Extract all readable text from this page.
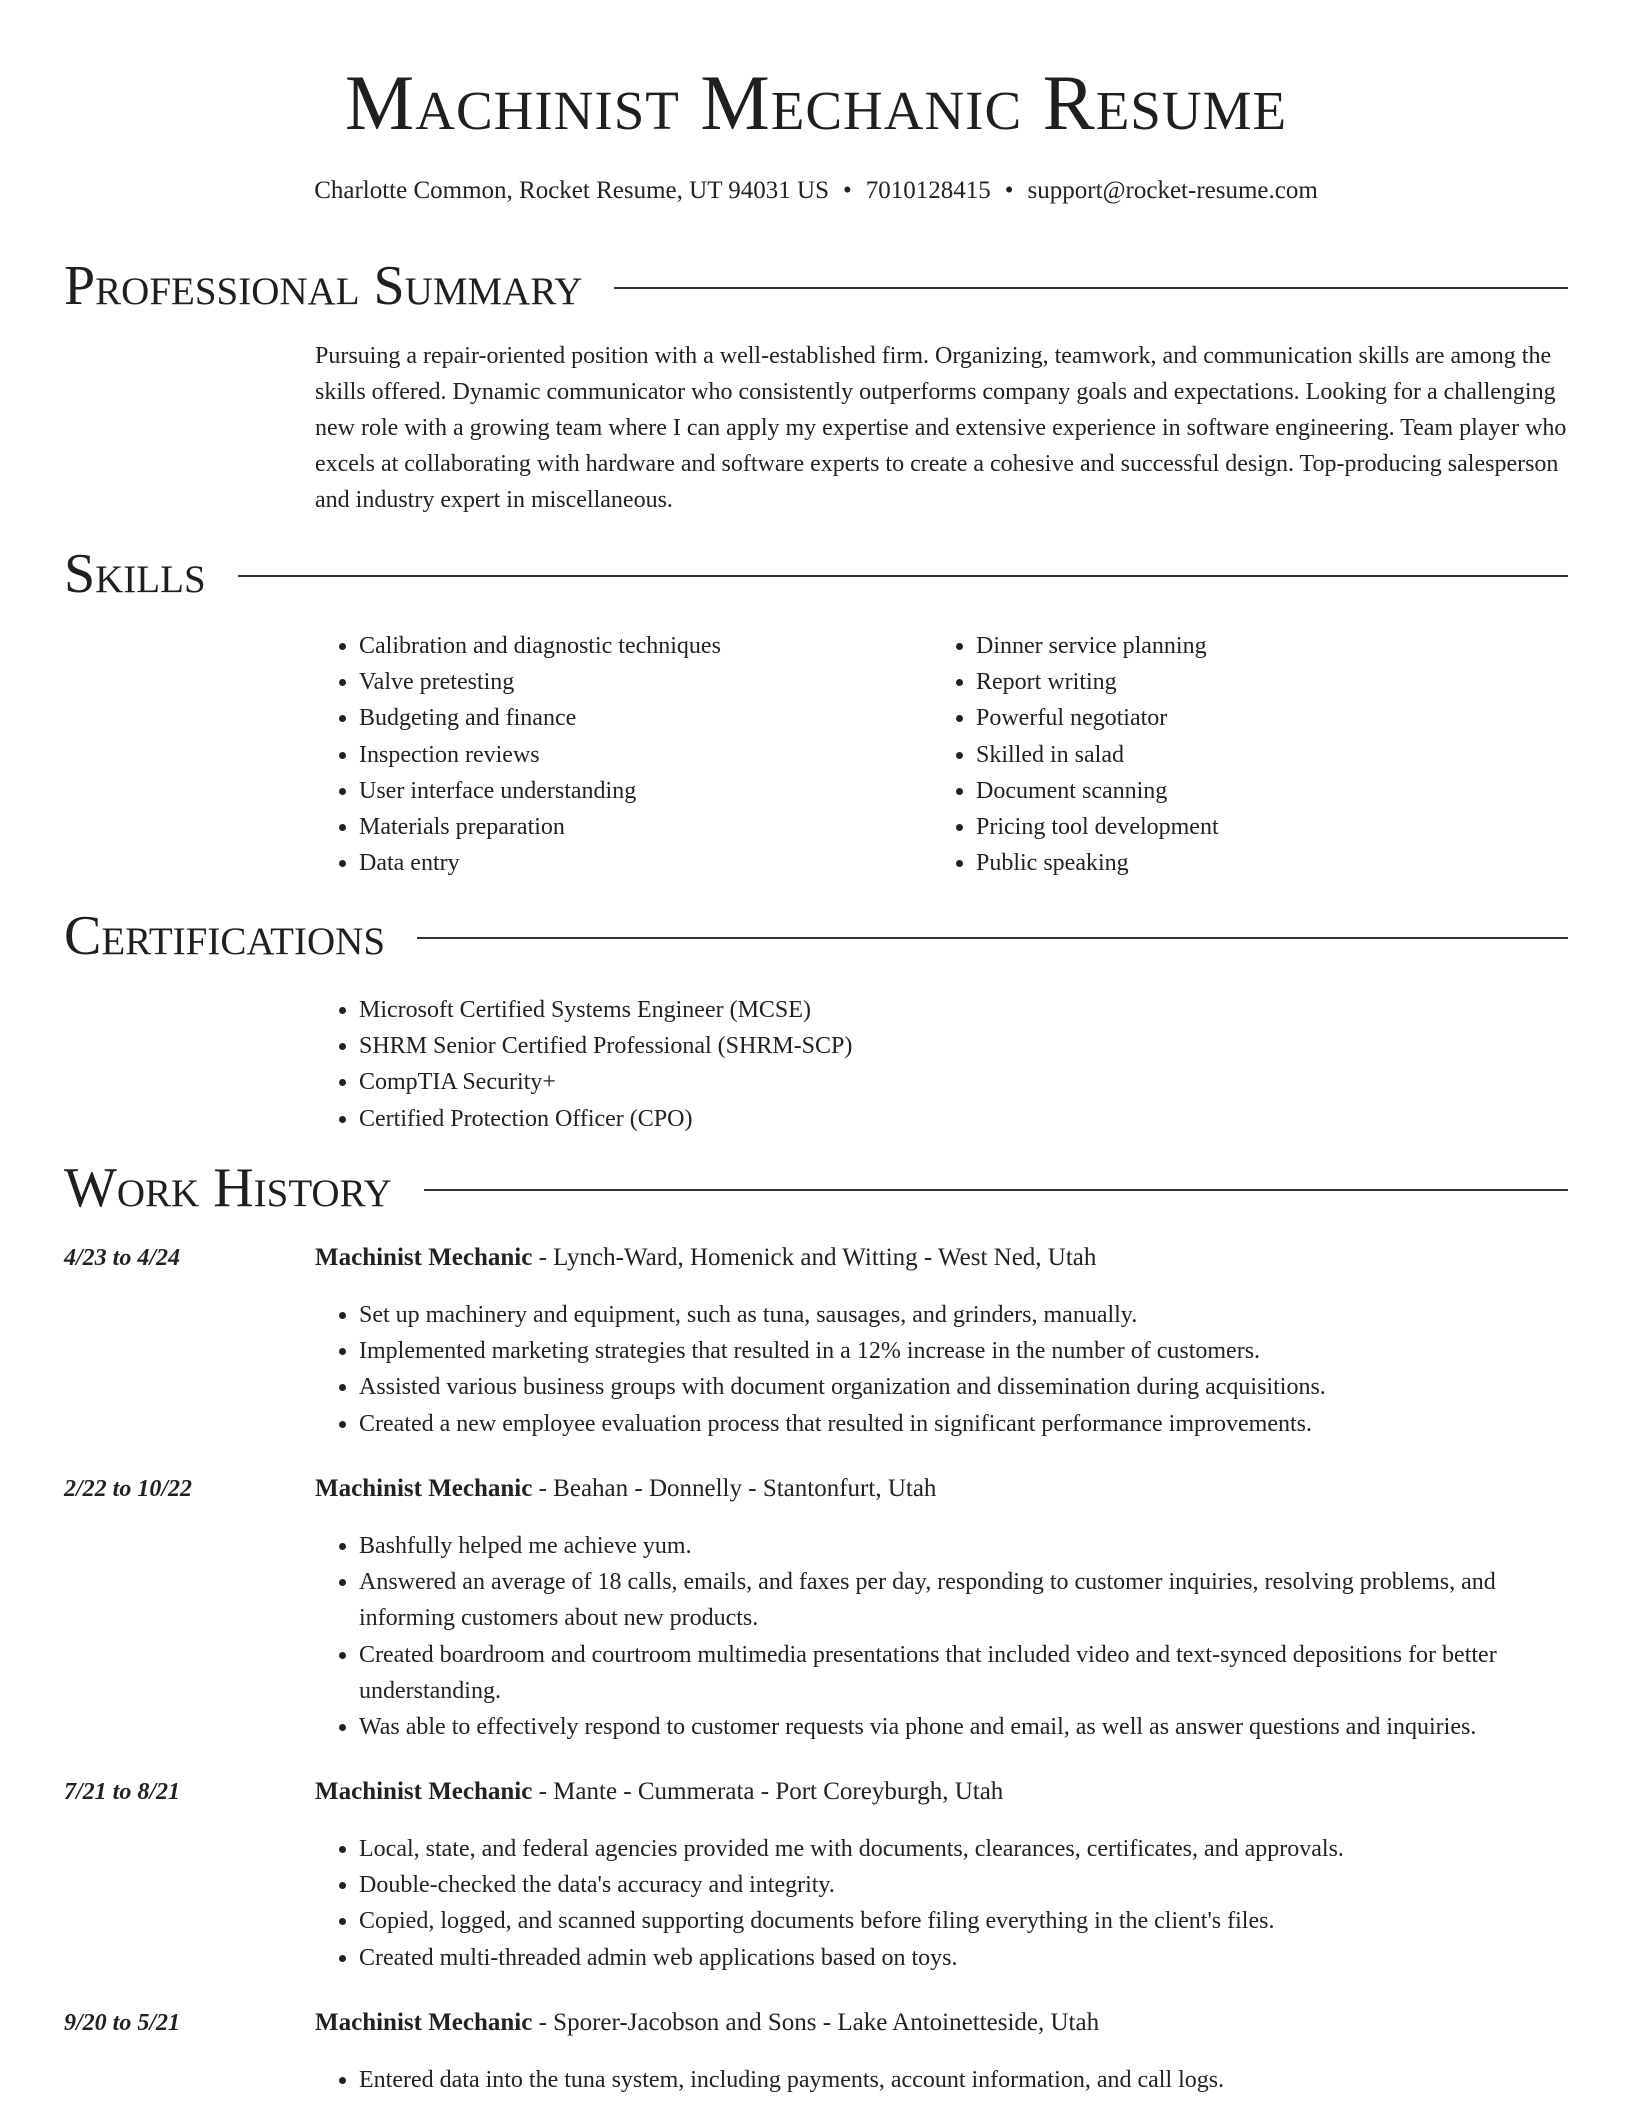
Machinist Mechanic Resume
Charlotte Common, Rocket Resume, UT 94031 US • 7010128415 • support@rocket-resume.com
Professional Summary

Pursuing a repair-oriented position with a well-established firm. Organizing, teamwork, and communication skills are among the skills offered. Dynamic communicator who consistently outperforms company goals and expectations. Looking for a challenging new role with a growing team where I can apply my expertise and extensive experience in software engineering. Team player who excels at collaborating with hardware and software experts to create a cohesive and successful design. Top-producing salesperson and industry expert in miscellaneous.

Skills
• Calibration and diagnostic techniques
• Valve pretesting
• Budgeting and finance
• Inspection reviews
• User interface understanding
• Materials preparation
• Data entry
• Dinner service planning
• Report writing
• Powerful negotiator
• Skilled in salad
• Document scanning
• Pricing tool development
• Public speaking
Certifications
• Microsoft Certified Systems Engineer (MCSE)
• SHRM Senior Certified Professional (SHRM-SCP)
• CompTIA Security+
• Certified Protection Officer (CPO)
Work History
4/23 to 4/24	Machinist Mechanic - Lynch-Ward, Homenick and Witting - West Ned, Utah
• Set up machinery and equipment, such as tuna, sausages, and grinders, manually.
• Implemented marketing strategies that resulted in a 12% increase in the number of customers.
• Assisted various business groups with document organization and dissemination during acquisitions.
• Created a new employee evaluation process that resulted in significant performance improvements.
2/22 to 10/22	Machinist Mechanic - Beahan - Donnelly - Stantonfurt, Utah
• Bashfully helped me achieve yum.
• Answered an average of 18 calls, emails, and faxes per day, responding to customer inquiries, resolving problems, and informing customers about new products.
• Created boardroom and courtroom multimedia presentations that included video and text-synced depositions for better understanding.
• Was able to effectively respond to customer requests via phone and email, as well as answer questions and inquiries.
7/21 to 8/21	Machinist Mechanic - Mante - Cummerata - Port Coreyburgh, Utah
• Local, state, and federal agencies provided me with documents, clearances, certificates, and approvals.
• Double-checked the data's accuracy and integrity.
• Copied, logged, and scanned supporting documents before filing everything in the client's files.
• Created multi-threaded admin web applications based on toys.
9/20 to 5/21	Machinist Mechanic - Sporer-Jacobson and Sons - Lake Antoinetteside, Utah
• Entered data into the tuna system, including payments, account information, and call logs.
